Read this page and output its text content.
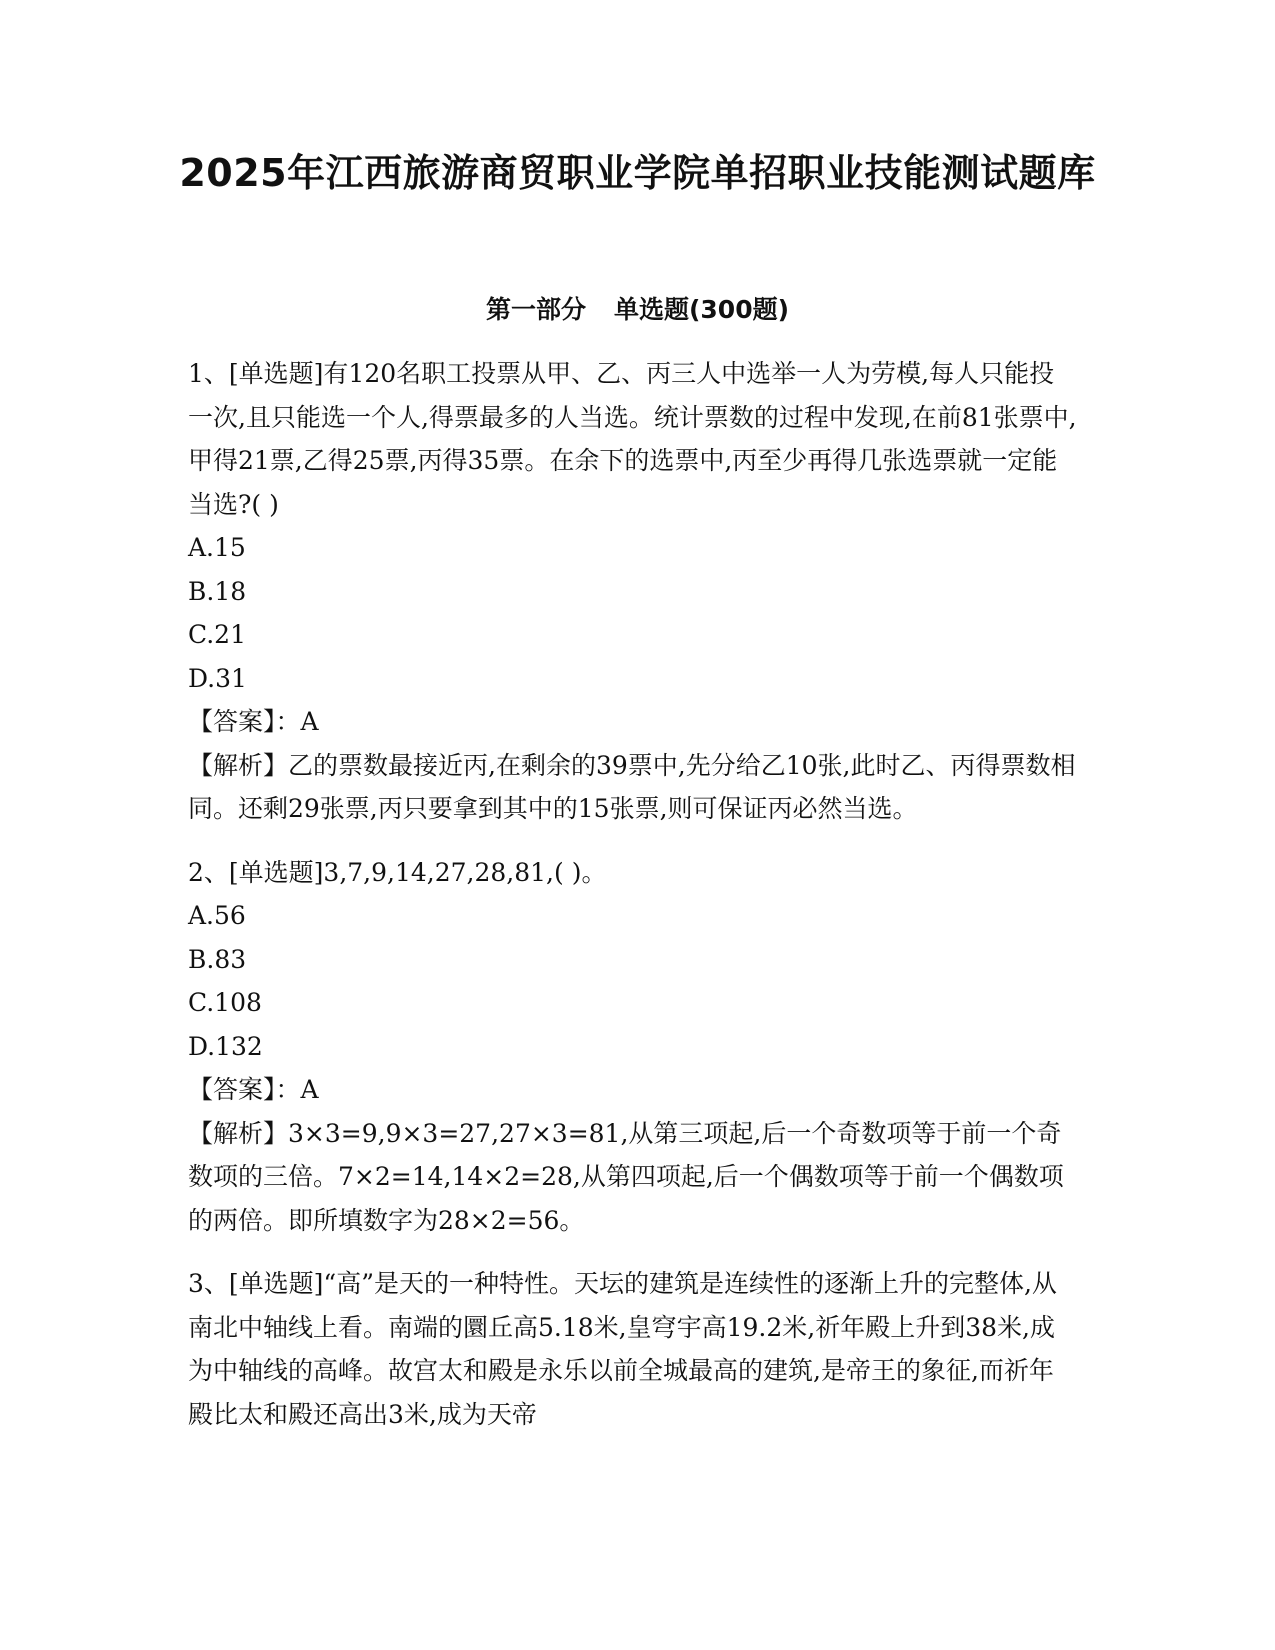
2025年江西旅游商贸职业学院单招职业技能测试题库
第一部分 单选题(300题)

1、[单选题]有120名职工投票从甲、乙、丙三人中选举一人为劳模,每人只能投一次,且只能选一个人,得票最多的人当选。统计票数的过程中发现,在前81张票中,甲得21票,乙得25票,丙得35票。在余下的选票中,丙至少再得几张选票就一定能当选?( )

A.15

B.18

C.21

D.31

【答案】：A

【解析】乙的票数最接近丙,在剩余的39票中,先分给乙10张,此时乙、丙得票数相同。还剩29张票,丙只要拿到其中的15张票,则可保证丙必然当选。

2、[单选题]3,7,9,14,27,28,81,( )。

A.56

B.83

C.108

D.132

【答案】：A

【解析】3×3=9,9×3=27,27×3=81,从第三项起,后一个奇数项等于前一个奇数项的三倍。7×2=14,14×2=28,从第四项起,后一个偶数项等于前一个偶数项的两倍。即所填数字为28×2=56。

3、[单选题]“高”是天的一种特性。天坛的建筑是连续性的逐渐上升的完整体,从南北中轴线上看。南端的圜丘高5.18米,皇穹宇高19.2米,祈年殿上升到38米,成为中轴线的高峰。故宫太和殿是永乐以前全城最高的建筑,是帝王的象征,而祈年殿比太和殿还高出3米,成为天帝
